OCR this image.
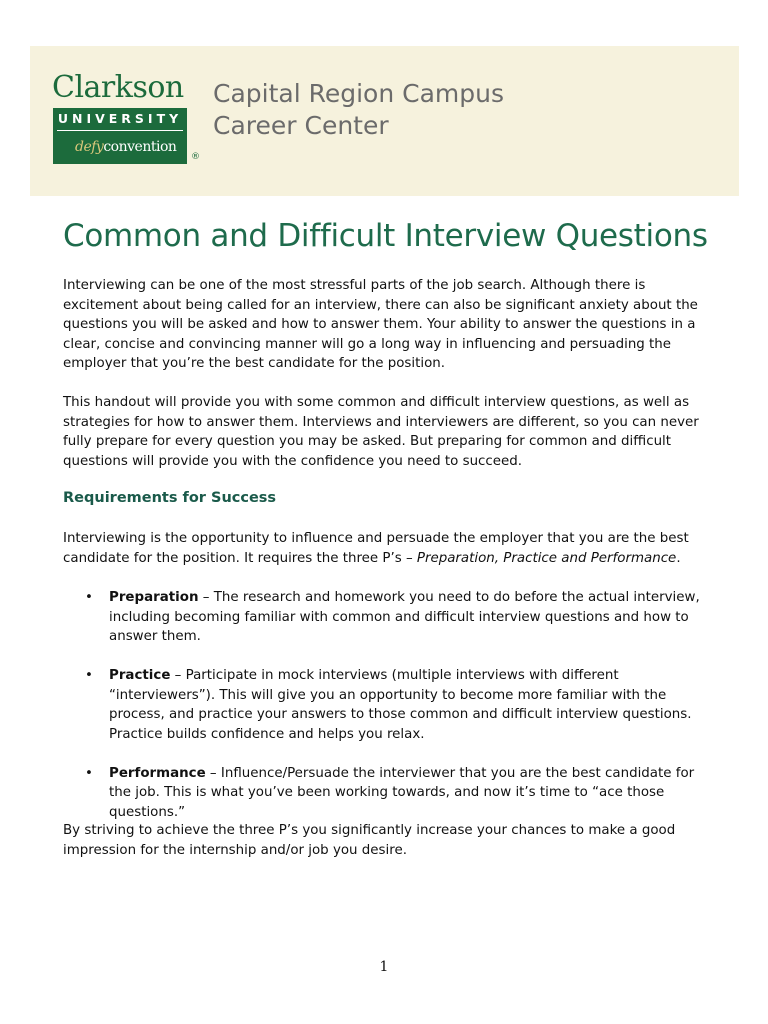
Clarkson
UNIVERSITY
defyconvention
®
Capital Region Campus
Career Center
Common and Difficult Interview Questions

Interviewing can be one of the most stressful parts of the job search. Although there is excitement about being called for an interview, there can also be significant anxiety about the questions you will be asked and how to answer them. Your ability to answer the questions in a clear, concise and convincing manner will go a long way in influencing and persuading the employer that you’re the best candidate for the position.

This handout will provide you with some common and difficult interview questions, as well as strategies for how to answer them. Interviews and interviewers are different, so you can never fully prepare for every question you may be asked. But preparing for common and difficult questions will provide you with the confidence you need to succeed.

Requirements for Success

Interviewing is the opportunity to influence and persuade the employer that you are the best candidate for the position. It requires the three P’s – Preparation, Practice and Performance.

• Preparation – The research and homework you need to do before the actual interview, including becoming familiar with common and difficult interview questions and how to answer them.
• Practice – Participate in mock interviews (multiple interviews with different “interviewers”). This will give you an opportunity to become more familiar with the process, and practice your answers to those common and difficult interview questions. Practice builds confidence and helps you relax.
• Performance – Influence/Persuade the interviewer that you are the best candidate for the job. This is what you’ve been working towards, and now it’s time to “ace those questions.”

By striving to achieve the three P’s you significantly increase your chances to make a good impression for the internship and/or job you desire.

1
